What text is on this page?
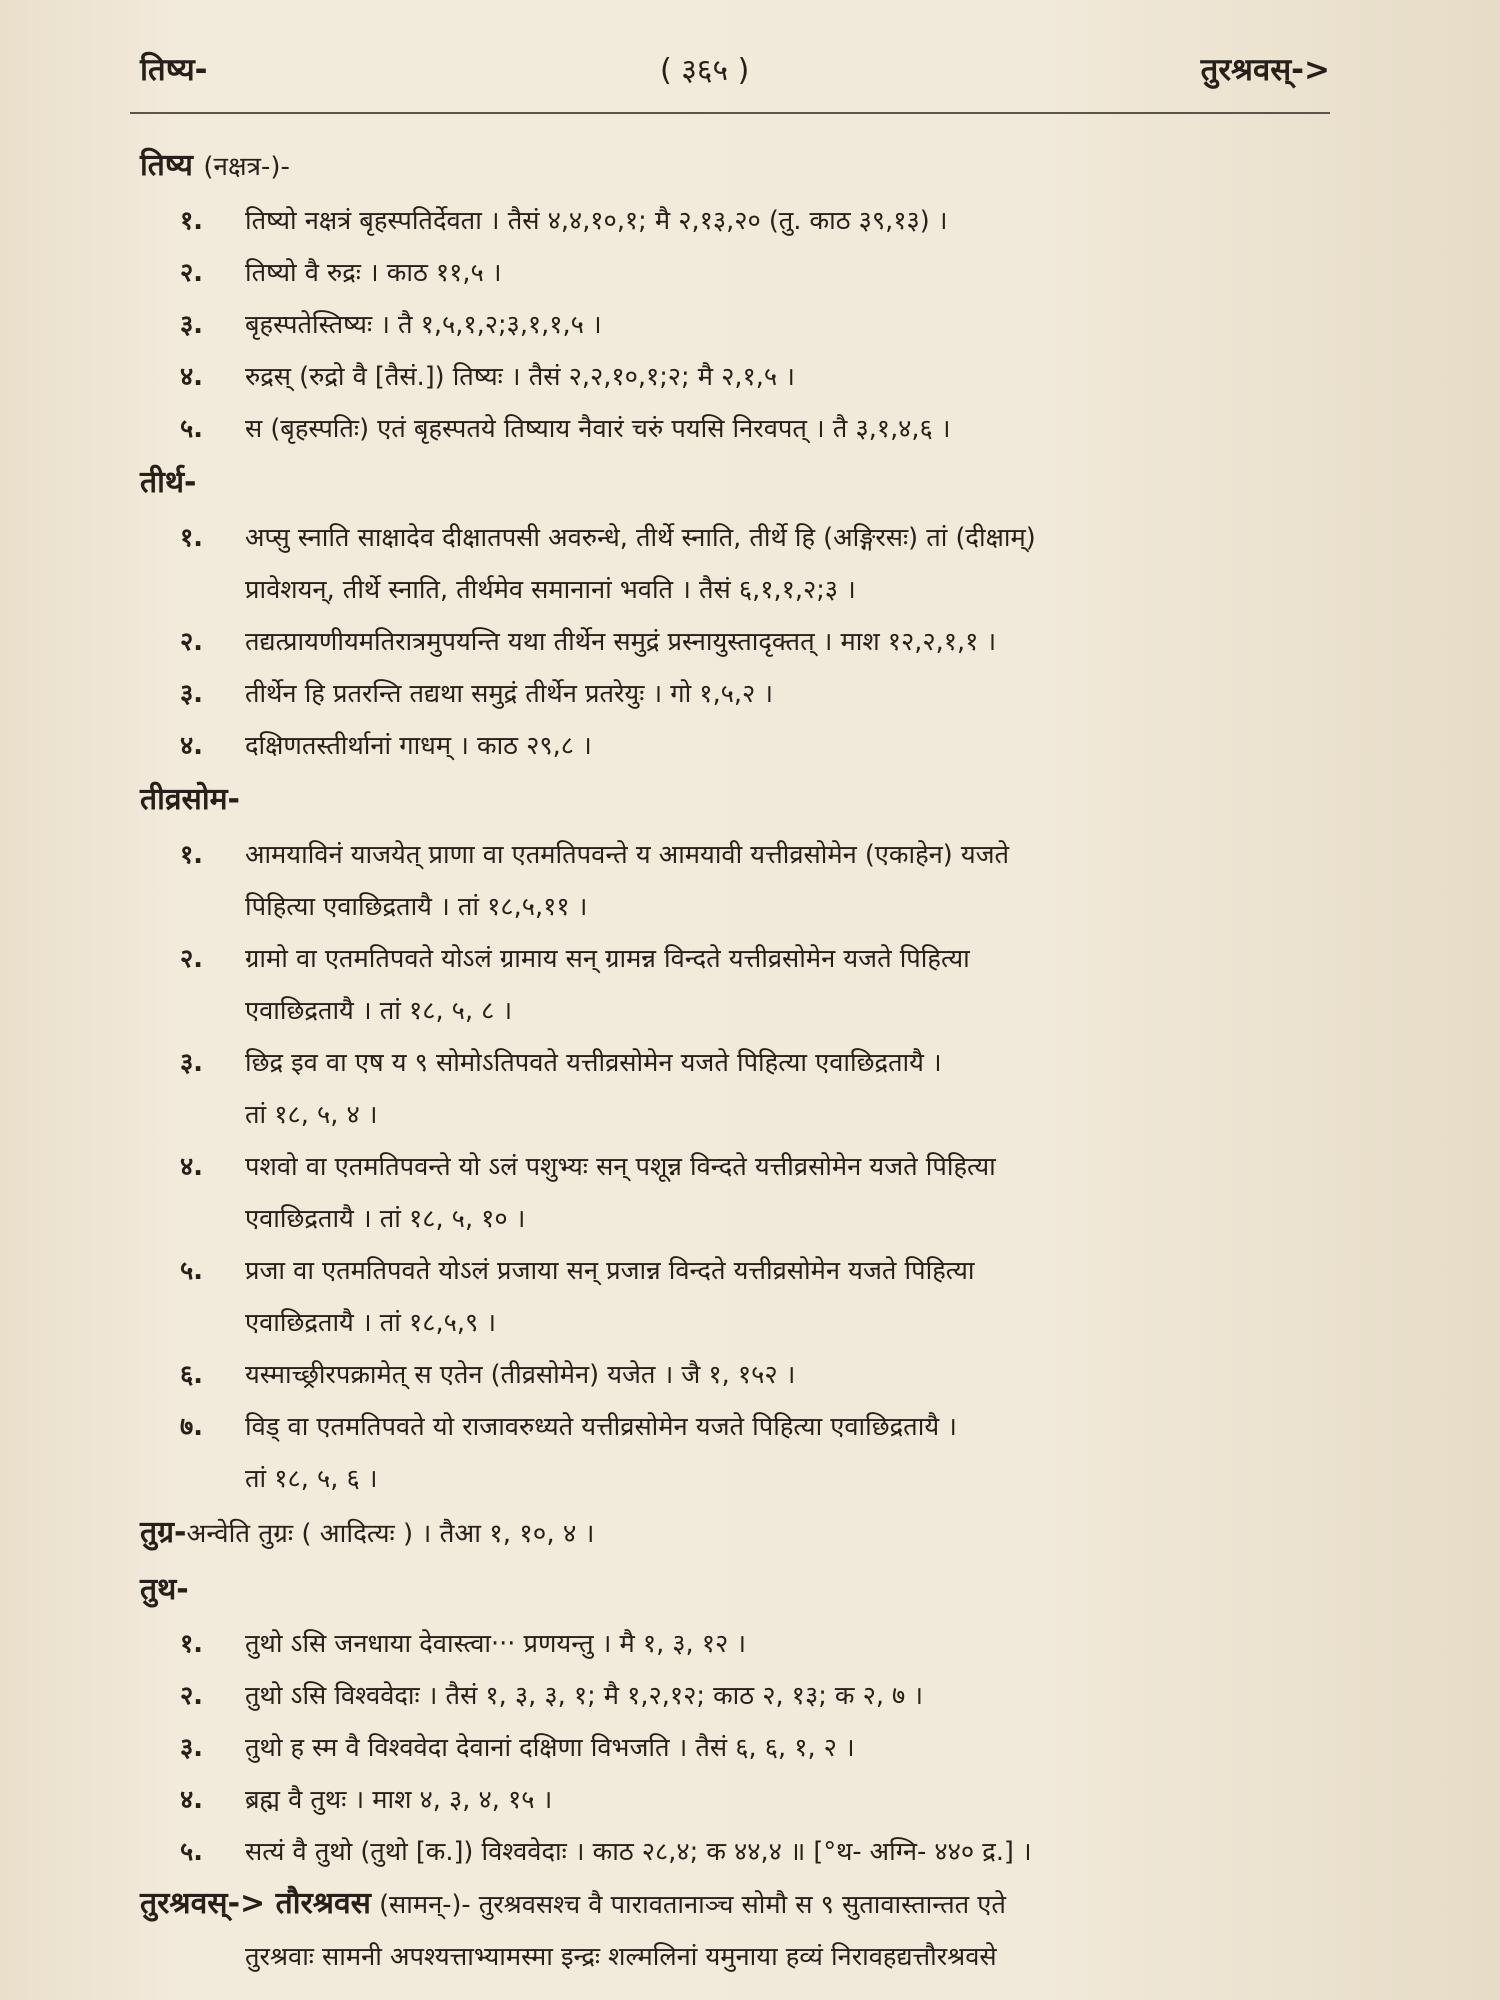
तिष्य-	( ३६५ )	तुरश्रवस्->
तिष्य (नक्षत्र-)-
१. तिष्यो नक्षत्रं बृहस्पतिर्देवता । तैसं ४,४,१०,१; मै २,१३,२० (तु. काठ ३९,१३) ।
२. तिष्यो वै रुद्रः । काठ ११,५ ।
३. बृहस्पतेस्तिष्यः । तै १,५,१,२;३,१,१,५ ।
४. रुद्रस् (रुद्रो वै [तैसं.]) तिष्यः । तैसं २,२,१०,१;२; मै २,१,५ ।
५. स (बृहस्पतिः) एतं बृहस्पतये तिष्याय नैवारं चरुं पयसि निरवपत् । तै ३,१,४,६ ।
तीर्थ-
१. अप्सु स्नाति साक्षादेव दीक्षातपसी अवरुन्धे, तीर्थे स्नाति, तीर्थे हि (अङ्गिरसः) तां (दीक्षाम्)
प्रावेशयन्, तीर्थे स्नाति, तीर्थमेव समानानां भवति । तैसं ६,१,१,२;३ ।
२. तद्यत्प्रायणीयमतिरात्रमुपयन्ति यथा तीर्थेन समुद्रं प्रस्नायुस्तादृक्तत् । माश १२,२,१,१ ।
३. तीर्थेन हि प्रतरन्ति तद्यथा समुद्रं तीर्थेन प्रतरेयुः । गो १,५,२ ।
४. दक्षिणतस्तीर्थानां गाधम् । काठ २९,८ ।
तीव्रसोम-
१. आमयाविनं याजयेत् प्राणा वा एतमतिपवन्ते य आमयावी यत्तीव्रसोमेन (एकाहेन) यजते
पिहित्या एवाछिद्रतायै । तां १८,५,११ ।
२. ग्रामो वा एतमतिपवते योऽलं ग्रामाय सन् ग्रामन्न विन्दते यत्तीव्रसोमेन यजते पिहित्या
एवाछिद्रतायै । तां १८, ५, ८ ।
३. छिद्र इव वा एष य ९ सोमोऽतिपवते यत्तीव्रसोमेन यजते पिहित्या एवाछिद्रतायै ।
तां १८, ५, ४ ।
४. पशवो वा एतमतिपवन्ते यो ऽलं पशुभ्यः सन् पशून्न विन्दते यत्तीव्रसोमेन यजते पिहित्या
एवाछिद्रतायै । तां १८, ५, १० ।
५. प्रजा वा एतमतिपवते योऽलं प्रजाया सन् प्रजान्न विन्दते यत्तीव्रसोमेन यजते पिहित्या
एवाछिद्रतायै । तां १८,५,९ ।
६. यस्माच्छ्रीरपक्रामेत् स एतेन (तीव्रसोमेन) यजेत । जै १, १५२ ।
७. विड् वा एतमतिपवते यो राजावरुध्यते यत्तीव्रसोमेन यजते पिहित्या एवाछिद्रतायै ।
तां १८, ५, ६ ।
तुग्र-अन्वेति तुग्रः ( आदित्यः ) । तैआ १, १०, ४ ।
तुथ-
१. तुथो ऽसि जनधाया देवास्त्वा··· प्रणयन्तु । मै १, ३, १२ ।
२. तुथो ऽसि विश्ववेदाः । तैसं १, ३, ३, १; मै १,२,१२; काठ २, १३; क २, ७ ।
३. तुथो ह स्म वै विश्ववेदा देवानां दक्षिणा विभजति । तैसं ६, ६, १, २ ।
४. ब्रह्म वै तुथः । माश ४, ३, ४, १५ ।
५. सत्यं वै तुथो (तुथो [क.]) विश्ववेदाः । काठ २८,४; क ४४,४ ॥ [°थ- अग्नि- ४४० द्र.] ।
तुरश्रवस्-> तौरश्रवस (सामन्-)- तुरश्रवसश्च वै पारावतानाञ्च सोमौ स ९ सुतावास्तान्तत एते
तुरश्रवाः सामनी अपश्यत्ताभ्यामस्मा इन्द्रः शल्मलिनां यमुनाया हव्यं निरावहद्यत्तौरश्रवसे
